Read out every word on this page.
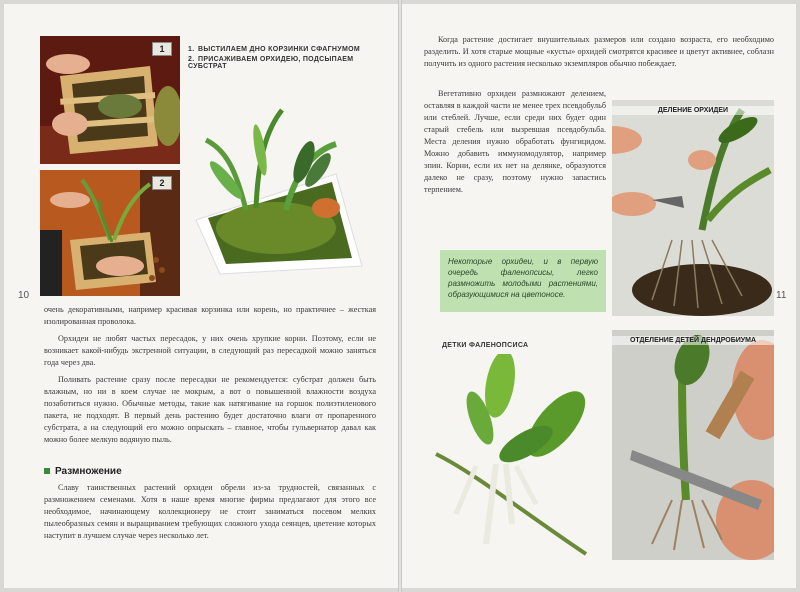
1
2
1. ВЫСТИЛАЕМ ДНО КОРЗИНКИ СФАГНУМОМ
2. ПРИСАЖИВАЕМ ОРХИДЕЮ, ПОДСЫПАЕМ СУБСТРАТ
10

очень декоративными, например красивая корзинка или корень, но практичнее – жесткая изолированная проволока.

Орхидеи не любят частых пересадок, у них очень хрупкие корни. Поэтому, если не возникает какой-нибудь экстренной ситуации, в следующий раз пересадкой можно заняться года через два.

Поливать растение сразу после пересадки не рекомендуется: субстрат должен быть влажным, но ни в коем случае не мокрым, а вот о повышенной влажности воздуха позаботиться нужно. Обычные методы, такие как натягивание на горшок полиэтиленового пакета, не подходят. В первый день растению будет достаточно влаги от пропаренного субстрата, а на следующий его можно опрыскать – главное, чтобы гульвернатор давал как можно более мелкую водяную пыль.

Размножение

Славу таинственных растений орхидеи обрели из-за трудностей, связанных с размножением семенами. Хотя в наше время многие фирмы предлагают для этого все необходимое, начинающему коллекционеру не стоит заниматься посевом мелких пылеобразных семян и выращиванием требующих сложного ухода сеянцев, цветение которых наступит в лучшем случае через несколько лет.

Когда растение достигает внушительных размеров или создано возраста, его необходимо разделить. И хотя старые мощные «кусты» орхидей смотрятся красивее и цветут активнее, соблазн получить из одного растения несколько экземпляров обычно побеждает.

Вегетативно орхидеи размножают делением, оставляя в каждой части не менее трех псевдобульб или стеблей. Лучше, если среди них будет один старый стебель или вызревшая псевдобульба. Места деления нужно обработать фунгицидом. Можно добавить иммуномодулятор, например эпин. Корни, если их нет на делянке, образуются далеко не сразу, поэтому нужно запастись терпением.

Некоторые орхидеи, и в первую очередь фаленопсисы, легко размножить молодыми растениями, образующимися на цветоносе.
ДЕЛЕНИЕ ОРХИДЕИ
11
ДЕТКИ ФАЛЕНОПСИСА
ОТДЕЛЕНИЕ ДЕТЕЙ ДЕНДРОБИУМА
